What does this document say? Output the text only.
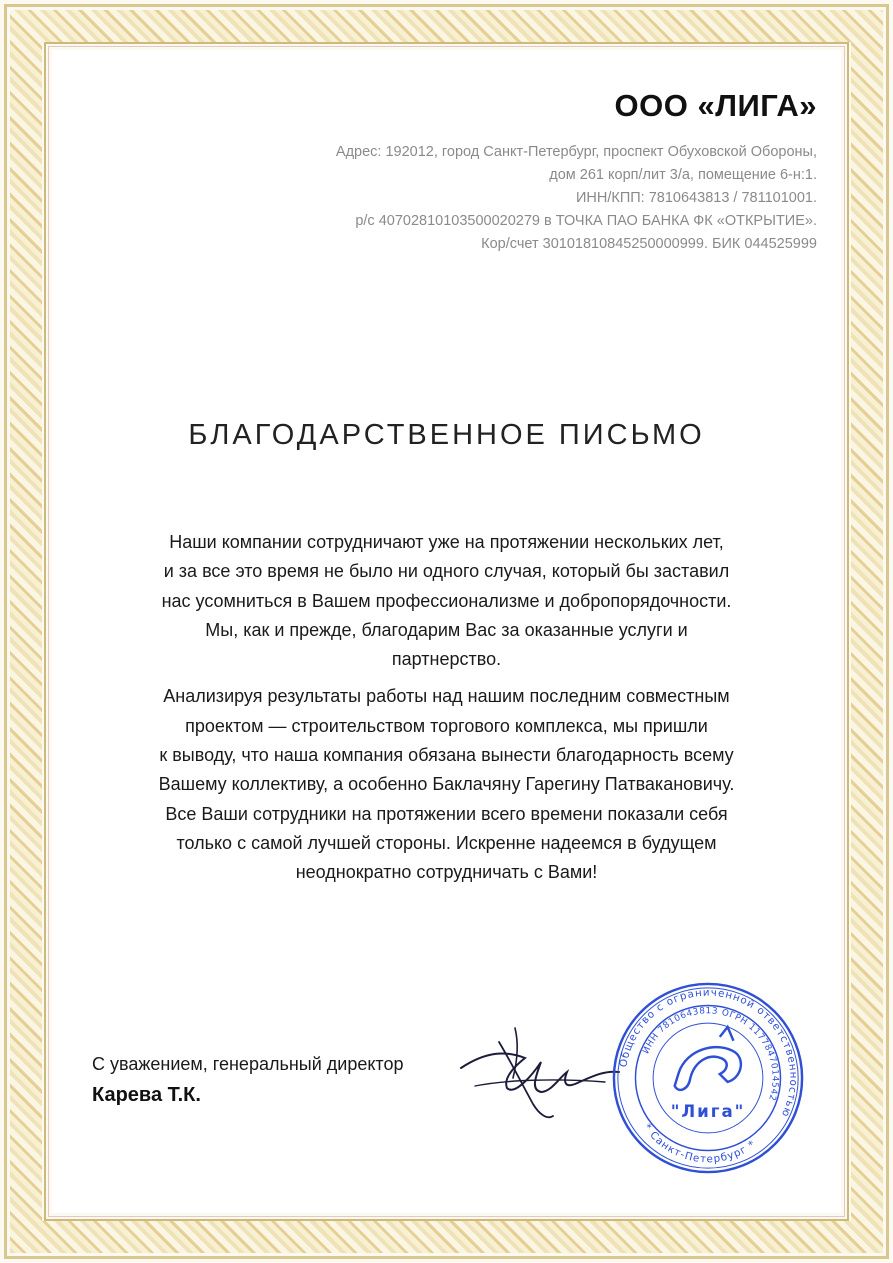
ООО «ЛИГА»
Адрес: 192012, город Санкт-Петербург, проспект Обуховской Обороны,
дом 261 корп/лит 3/а, помещение 6-н:1.
ИНН/КПП: 7810643813 / 781101001.
р/с 40702810103500020279 в ТОЧКА ПАО БАНКА ФК «ОТКРЫТИЕ».
Кор/счет 30101810845250000999. БИК 044525999
БЛАГОДАРСТВЕННОЕ ПИСЬМО

Наши компании сотрудничают уже на протяжении нескольких лет,
и за все это время не было ни одного случая, который бы заставил
нас усомниться в Вашем профессионализме и добропорядочности.
Мы, как и прежде, благодарим Вас за оказанные услуги и
партнерство.

Анализируя результаты работы над нашим последним совместным
проектом — строительством торгового комплекса, мы пришли
к выводу, что наша компания обязана вынести благодарность всему
Вашему коллективу, а особенно Баклачяну Гарегину Патвакановичу.
Все Ваши сотрудники на протяжении всего времени показали себя
только с самой лучшей стороны. Искренне надеемся в будущем
неоднократно сотрудничать с Вами!

С уважением, генеральный директор
Карева Т.К.
Общество с ограниченной ответственностью
ИНН 7810643813 ОГРН 1177847014542
* Санкт-Петербург *
"Лига"
